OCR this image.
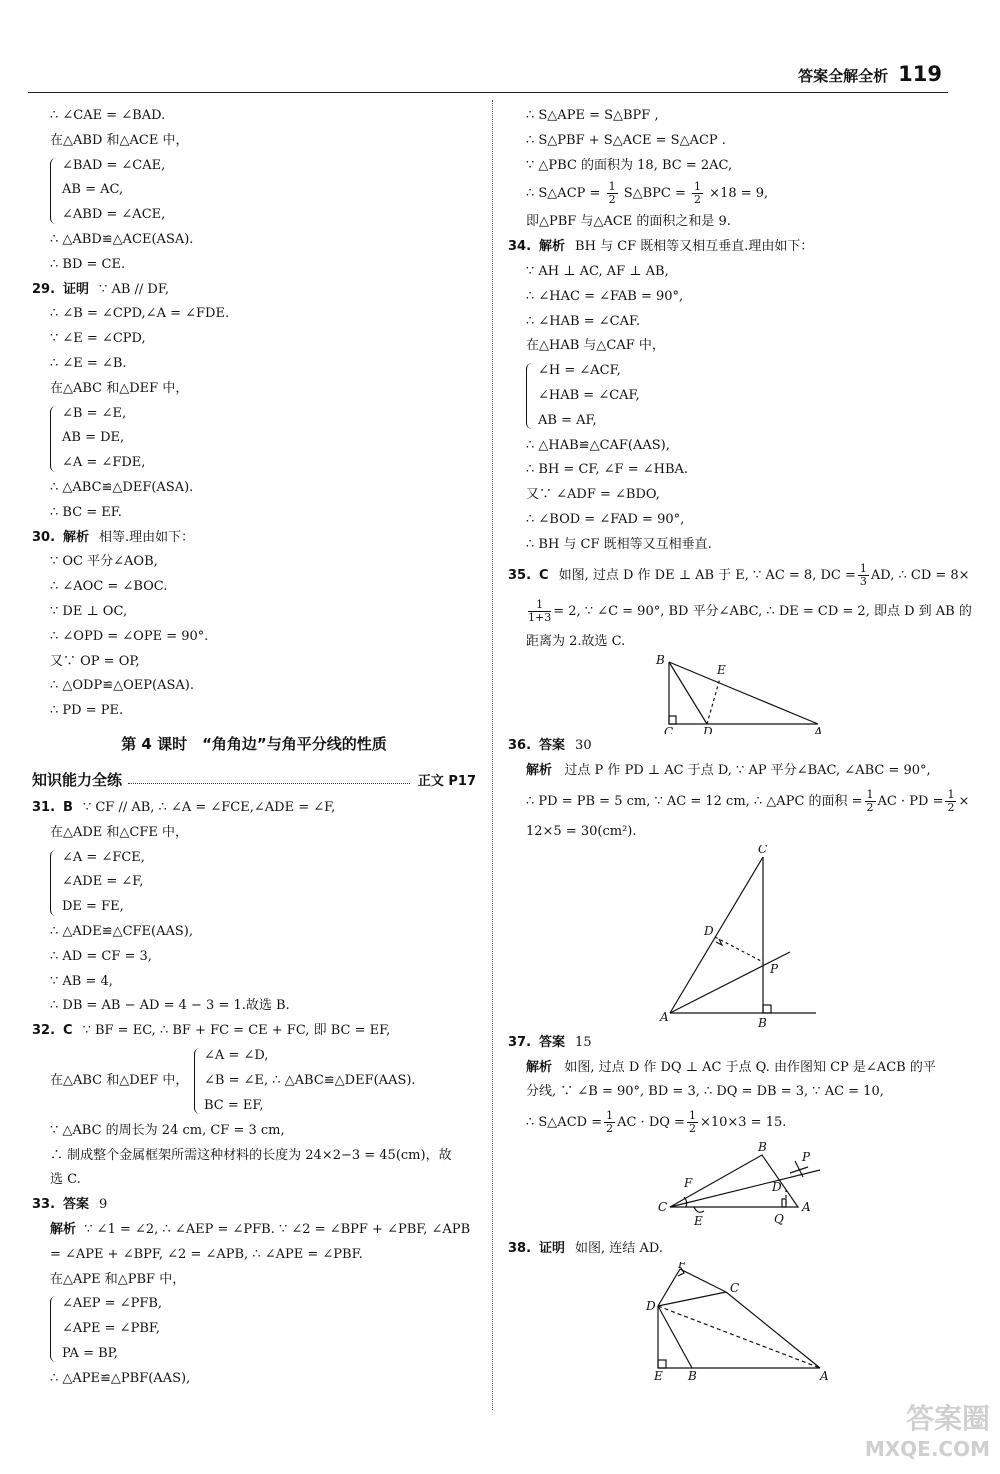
答案全解全析 119
∴ ∠CAE = ∠BAD.
在△ABD 和△ACE 中，
∠BAD = ∠CAE,
AB = AC,
∠ABD = ∠ACE,
∴ △ABD≌△ACE(ASA).
∴ BD = CE.
29. 证明 ∵ AB // DF,
∴ ∠B = ∠CPD,∠A = ∠FDE.
∵ ∠E = ∠CPD,
∴ ∠E = ∠B.
在△ABC 和△DEF 中，
∠B = ∠E,
AB = DE,
∠A = ∠FDE,
∴ △ABC≌△DEF(ASA).
∴ BC = EF.
30. 解析 相等.理由如下：
∵ OC 平分∠AOB,
∴ ∠AOC = ∠BOC.
∵ DE ⊥ OC,
∴ ∠OPD = ∠OPE = 90°.
又∵ OP = OP,
∴ △ODP≌△OEP(ASA).
∴ PD = PE.
第 4 课时　“角角边”与角平分线的性质
知识能力全练	正文 P17
31. B ∵ CF // AB, ∴ ∠A = ∠FCE,∠ADE = ∠F,
在△ADE 和△CFE 中，
∠A = ∠FCE,
∠ADE = ∠F,
DE = FE,
∴ △ADE≌△CFE(AAS),
∴ AD = CF = 3,
∵ AB = 4,
∴ DB = AB − AD = 4 − 3 = 1.故选 B.
32. C ∵ BF = EC, ∴ BF + FC = CE + FC, 即 BC = EF,
在△ABC 和△DEF 中，
∠A = ∠D,
∠B = ∠E, ∴ △ABC≌△DEF(AAS).
BC = EF,
∵ △ABC 的周长为 24 cm, CF = 3 cm,
∴ 制成整个金属框架所需这种材料的长度为 24×2−3 = 45(cm)，故
选 C.
33. 答案 9
解析 ∵ ∠1 = ∠2, ∴ ∠AEP = ∠PFB. ∵ ∠2 = ∠BPF + ∠PBF, ∠APB
= ∠APE + ∠BPF, ∠2 = ∠APB, ∴ ∠APE = ∠PBF.
在△APE 和△PBF 中，
∠AEP = ∠PFB,
∠APE = ∠PBF,
PA = BP,
∴ △APE≌△PBF(AAS),
∴ S△APE = S△BPF ,
∴ S△PBF + S△ACE = S△ACP .
∵ △PBC 的面积为 18, BC = 2AC,
∴ S△ACP = $\frac{1}{2}$ S△BPC = $\frac{1}{2} \times 18 = 9$,
即△PBF 与△ACE 的面积之和是 9.
34. 解析 BH 与 CF 既相等又相互垂直.理由如下：
∵ AH ⊥ AC, AF ⊥ AB,
∴ ∠HAC = ∠FAB = 90°,
∴ ∠HAB = ∠CAF.
在△HAB 与△CAF 中，
∠H = ∠ACF,
∠HAB = ∠CAF,
AB = AF,
∴ △HAB≌△CAF(AAS),
∴ BH = CF, ∠F = ∠HBA.
又∵ ∠ADF = ∠BDO,
∴ ∠BOD = ∠FAD = 90°,
∴ BH 与 CF 既相等又互相垂直.
35. C 如图, 过点 D 作 DE ⊥ AB 于 E, ∵ AC = 8, DC = $\frac{1}{3}$ AD, ∴ CD = 8×
$\frac{1}{1+3} = 2$, ∵ ∠C = 90°, BD 平分∠ABC, ∴ DE = CD = 2, 即点 D 到 AB 的
距离为 2.故选 C.
B
E
C D	A
36. 答案 30
解析 过点 P 作 PD ⊥ AC 于点 D, ∵ AP 平分∠BAC, ∠ABC = 90°,
∴ PD = PB = 5 cm, ∵ AC = 12 cm, ∴ △APC 的面积 = $\frac{1}{2}$ AC · PD = $\frac{1}{2}$ ×
12×5 = 30(cm²).
C
D
P
A	B
37. 答案 15
解析 如图, 过点 D 作 DQ ⊥ AC 于点 Q. 由作图知 CP 是∠ACB 的平
分线, ∵ ∠B = 90°, BD = 3, ∴ DQ = DB = 3, ∵ AC = 10,
∴ S△ACD = $\frac{1}{2}$ AC · DQ = $\frac{1}{2} \times 10\times 3 = 15$.
B
P
F	D
C
E	Q
A
38. 证明 如图, 连结 AD.
F
C
D
E B	A
答案圈
MXQE.COM
